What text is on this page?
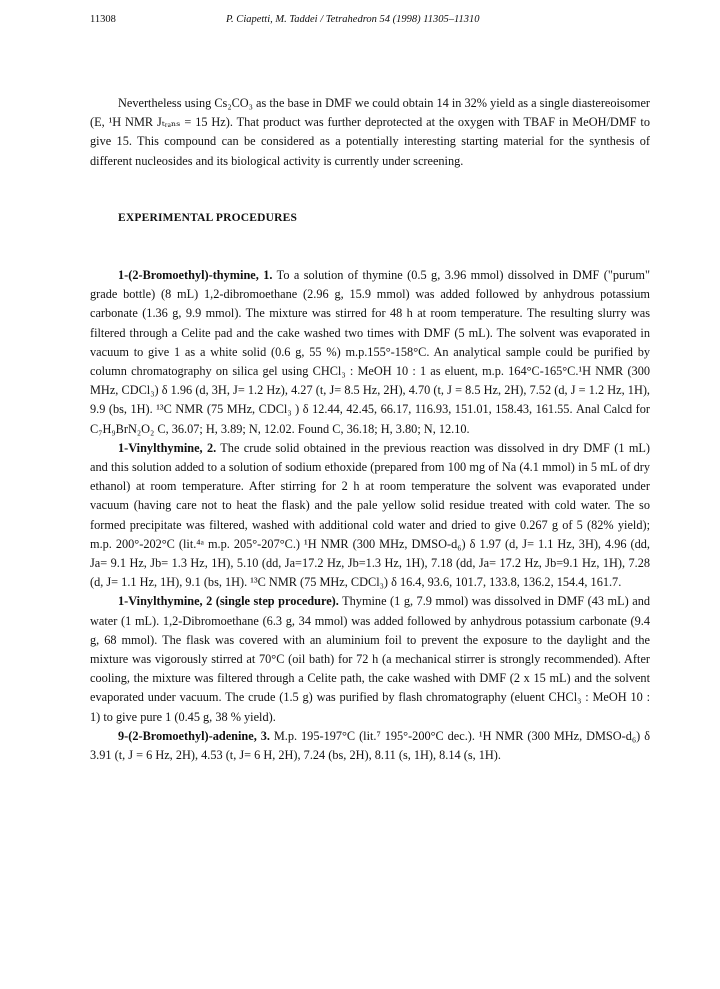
11308	P. Ciapetti, M. Taddei / Tetrahedron 54 (1998) 11305–11310

Nevertheless using Cs₂CO₃ as the base in DMF we could obtain 14 in 32% yield as a single diastereoisomer (E, ¹H NMR Jₜᵣₐₙₛ = 15 Hz). That product was further deprotected at the oxygen with TBAF in MeOH/DMF to give 15. This compound can be considered as a potentially interesting starting material for the synthesis of different nucleosides and its biological activity is currently under screening.

EXPERIMENTAL PROCEDURES

1-(2-Bromoethyl)-thymine, 1. To a solution of thymine (0.5 g, 3.96 mmol) dissolved in DMF ("purum" grade bottle) (8 mL) 1,2-dibromoethane (2.96 g, 15.9 mmol) was added followed by anhydrous potassium carbonate (1.36 g, 9.9 mmol). The mixture was stirred for 48 h at room temperature. The resulting slurry was filtered through a Celite pad and the cake washed two times with DMF (5 mL). The solvent was evaporated in vacuum to give 1 as a white solid (0.6 g, 55 %) m.p.155°-158°C. An analytical sample could be purified by column chromatography on silica gel using CHCl₃ : MeOH 10 : 1 as eluent, m.p. 164°C-165°C.¹H NMR (300 MHz, CDCl₃) δ 1.96 (d, 3H, J= 1.2 Hz), 4.27 (t, J= 8.5 Hz, 2H), 4.70 (t, J = 8.5 Hz, 2H), 7.52 (d, J = 1.2 Hz, 1H), 9.9 (bs, 1H). ¹³C NMR (75 MHz, CDCl₃ ) δ 12.44, 42.45, 66.17, 116.93, 151.01, 158.43, 161.55. Anal Calcd for C₇H₉BrN₂O₂ C, 36.07; H, 3.89; N, 12.02. Found C, 36.18; H, 3.80; N, 12.10.

1-Vinylthymine, 2. The crude solid obtained in the previous reaction was dissolved in dry DMF (1 mL) and this solution added to a solution of sodium ethoxide (prepared from 100 mg of Na (4.1 mmol) in 5 mL of dry ethanol) at room temperature. After stirring for 2 h at room temperature the solvent was evaporated under vacuum (having care not to heat the flask) and the pale yellow solid residue treated with cold water. The so formed precipitate was filtered, washed with additional cold water and dried to give 0.267 g of 5 (82% yield); m.p. 200°-202°C (lit.⁴ᵃ m.p. 205°-207°C.) ¹H NMR (300 MHz, DMSO-d₆) δ 1.97 (d, J= 1.1 Hz, 3H), 4.96 (dd, Ja= 9.1 Hz, Jb= 1.3 Hz, 1H), 5.10 (dd, Ja=17.2 Hz, Jb=1.3 Hz, 1H), 7.18 (dd, Ja= 17.2 Hz, Jb=9.1 Hz, 1H), 7.28 (d, J= 1.1 Hz, 1H), 9.1 (bs, 1H). ¹³C NMR (75 MHz, CDCl₃) δ 16.4, 93.6, 101.7, 133.8, 136.2, 154.4, 161.7.

1-Vinylthymine, 2 (single step procedure). Thymine (1 g, 7.9 mmol) was dissolved in DMF (43 mL) and water (1 mL). 1,2-Dibromoethane (6.3 g, 34 mmol) was added followed by anhydrous potassium carbonate (9.4 g, 68 mmol). The flask was covered with an aluminium foil to prevent the exposure to the daylight and the mixture was vigorously stirred at 70°C (oil bath) for 72 h (a mechanical stirrer is strongly recommended). After cooling, the mixture was filtered through a Celite path, the cake washed with DMF (2 x 15 mL) and the solvent evaporated under vacuum. The crude (1.5 g) was purified by flash chromatography (eluent CHCl₃ : MeOH 10 : 1) to give pure 1 (0.45 g, 38 % yield).

9-(2-Bromoethyl)-adenine, 3. M.p. 195-197°C (lit.⁷ 195°-200°C dec.). ¹H NMR (300 MHz, DMSO-d₆) δ 3.91 (t, J = 6 Hz, 2H), 4.53 (t, J= 6 H, 2H), 7.24 (bs, 2H), 8.11 (s, 1H), 8.14 (s, 1H).
